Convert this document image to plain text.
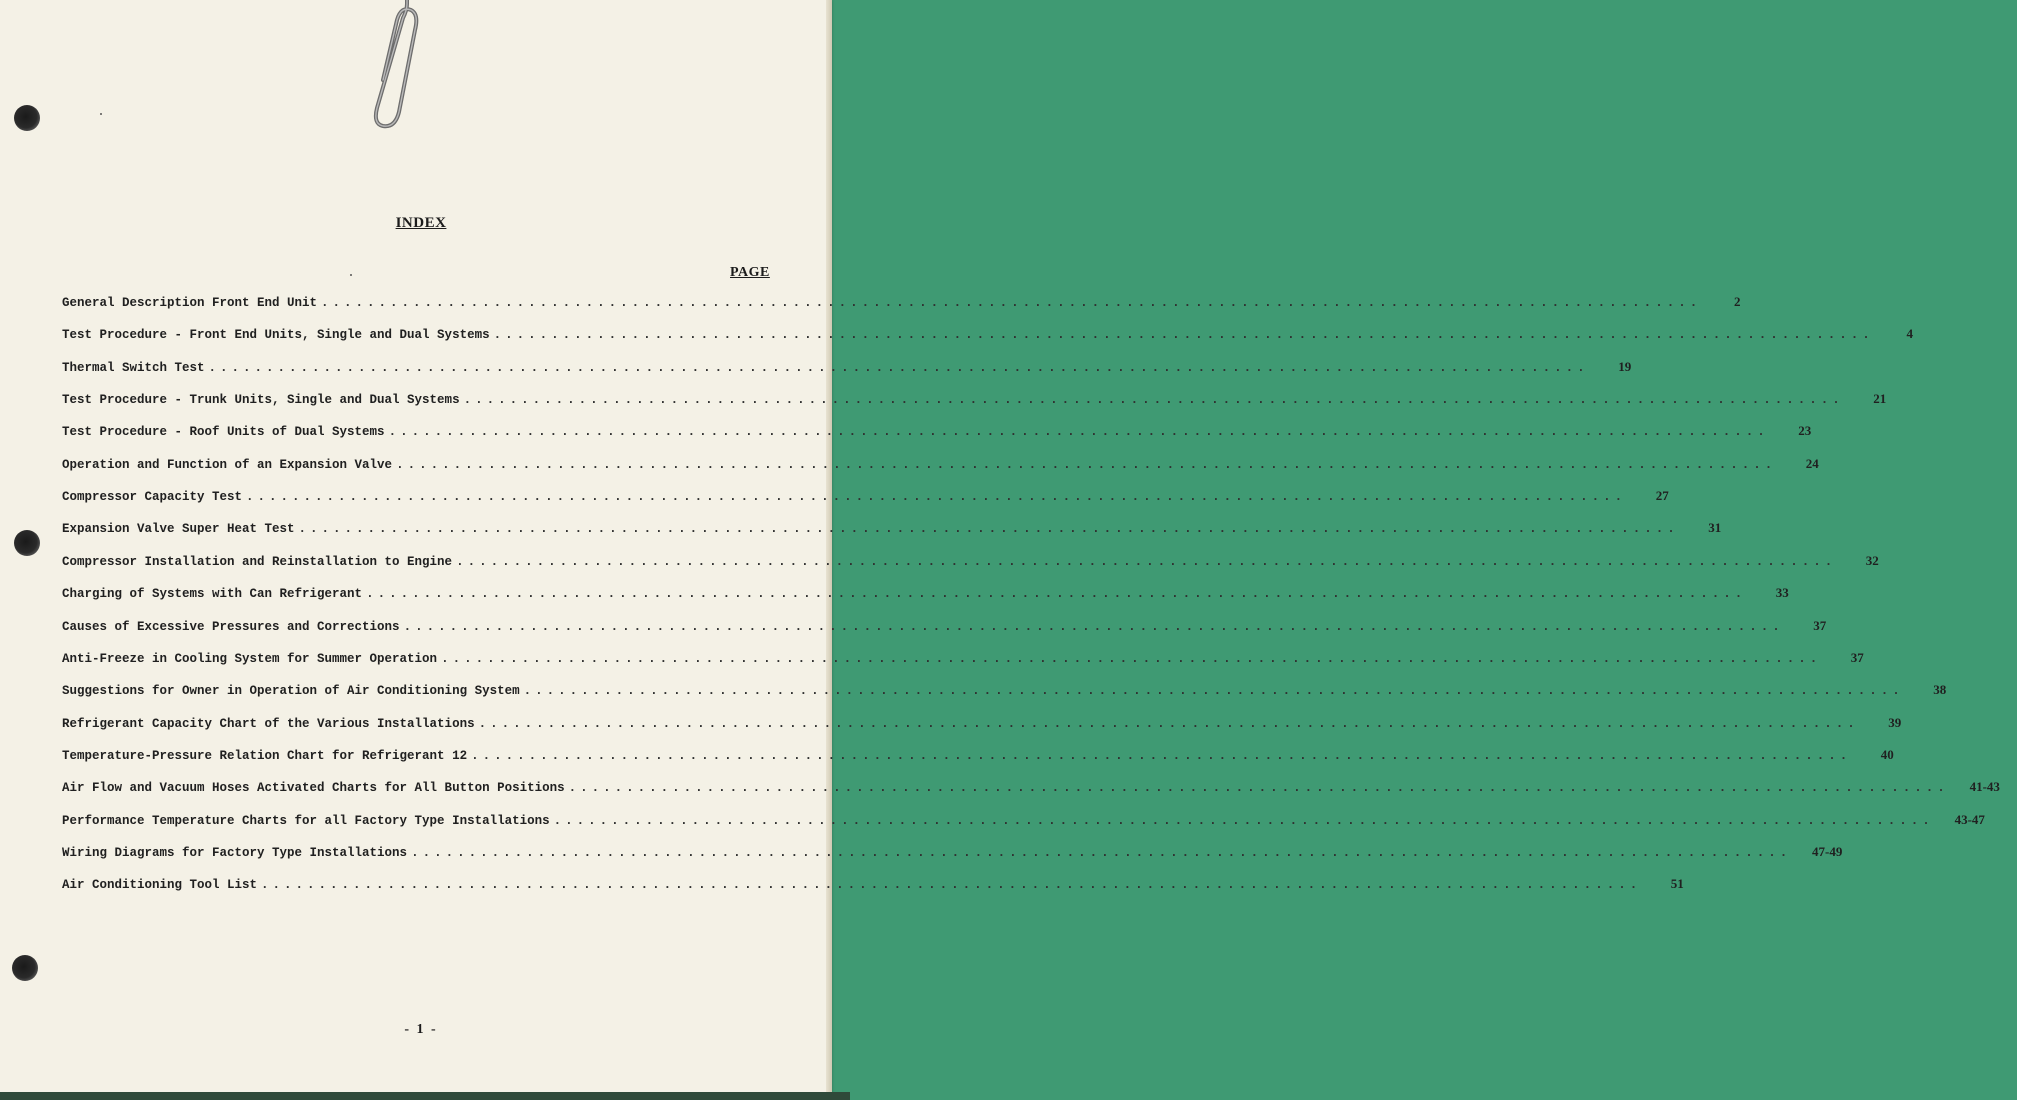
INDEX
PAGE
General Description Front End Unit ........................................................................................................................	2
Test Procedure - Front End Units, Single and Dual Systems ........................................................................................................................	4
Thermal Switch Test ........................................................................................................................	19
Test Procedure - Trunk Units, Single and Dual Systems ........................................................................................................................	21
Test Procedure - Roof Units of Dual Systems ........................................................................................................................	23
Operation and Function of an Expansion Valve ........................................................................................................................	24
Compressor Capacity Test ........................................................................................................................	27
Expansion Valve Super Heat Test ........................................................................................................................	31
Compressor Installation and Reinstallation to Engine ........................................................................................................................	32
Charging of Systems with Can Refrigerant ........................................................................................................................	33
Causes of Excessive Pressures and Corrections ........................................................................................................................	37
Anti-Freeze in Cooling System for Summer Operation ........................................................................................................................	37
Suggestions for Owner in Operation of Air Conditioning System ........................................................................................................................	38
Refrigerant Capacity Chart of the Various Installations ........................................................................................................................	39
Temperature-Pressure Relation Chart for Refrigerant 12 ........................................................................................................................	40
Air Flow and Vacuum Hoses Activated Charts for All Button Positions ........................................................................................................................	41-43
Performance Temperature Charts for all Factory Type Installations ........................................................................................................................	43-47
Wiring Diagrams for Factory Type Installations ........................................................................................................................	47-49
Air Conditioning Tool List ........................................................................................................................	51
- 1 -
